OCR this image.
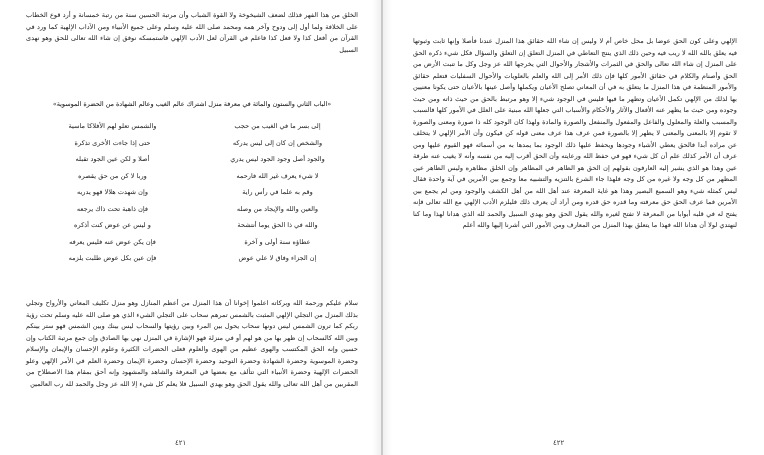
الخلق من هذا الفهر فذلك لضعف الشيخوخة ولا القوة الشباب وأن مرتبة الحسين سنة من رتبة خمسانة و أرد قوع الخطاب على الخلافة ولما أول إلى ودوح وآخر همه ومحمد صلى الله عليه وسلم وعلى جميع الأنبياء ومن الآداب الإلهية كما ورد في القرآن من أفعل كذا ولا فعل كذا فاعلم في القرآن لعل الأدب الإلهي فاستمسكه نوفق إن شاء الله تعالى للحق وهو نهدى السبيل

«الباب الثاني والستون والمائة في معرفة منزل اشتراك عالم الغيب وعالم الشهادة من الحضرة الموسوية»
إلى بسر ما في الغيب من حجب
والشمس تعلو لهم الأفلاكا ماسية
والشخص إن كان إلى ليس يدركه
حتى إذا جاءت الأخرى تذكرة
والجود أصل وجود الجود ليس يدري
أصلا و لكن عين الجود تقبله
لا شيء يعرف غير الله فارحمه
وربا لا كن من حق يقصره
وقم به علما في رأس راية
وإن شهدت هلالا فهو يدريه
والعين والله والإيجاد من وصله
فإن ذاهبة تحت ذاك يرجعه
والله في ذا الحق يوما أنتشحة
و ليس عن عوض كنت أذكره
عطاؤه سنة أولى و آخرة
فإن يكن عوض عنه فليس يعرفه
إن الجزاء وفاق لا علي عوض
فإن عين بكل عوض طلبت يلزمه

سلام عليكم ورحمة الله وبركاته اعلموا إخوانا أن هذا المنزل من أعظم المنازل وهو منزل تكليف المعاني والأرواح وتجلي بذلك المنزل من التجلي الإلهي المثبت بالشمس تمرهم سحاب على التجلي الشيء الذي هو صلى الله عليه وسلم تحت رؤية ربكم كما ترون الشمس ليس دونها سحاب يحول بين المرء وبين رؤيتها والسحاب ليس بينك وبين الشمس فهو ستر بينكم وبين الله كالسحاب إن ظهر بها من هو لهم أو في منزلة فهو الإشارة في المنزل نهي بها الصادق وإن جمع مرتبة الكتاب وإن حسين وإنه الحق المكتسب والهوى عظيم من الهوى والعلوم فعلى الحضرات الكثيرة وعلوم الإحسان والإيمان والإسلام وحضرة الموسوية وحضرة الشهادة وحضرة التوحيد وحضرة الإحسان وحضرة الإيمان وحضرة العلم في الأمر الإلهي وعلو الحضرات الإلهية وحضرة الأنبياء التي تتألف مع بعضها في المعرفة والشاهد والمشهود وإنه أحق بمقام هذا الاصطلاح من المقربين من أهل الله تعالى والله يقول الحق وهو يهدي السبيل فلا يعلم كل شيء إلا الله عز وجل والحمد لله رب العالمين

٤٢١

الإلهي وعلى كون الحق عوضا بل محل خاص أم لا وليس إن شاء الله حقائق هذا المنزل عندنا فأصلا وإنها ثابت وثبوتها فيه يعلق بالله الله لا ريب فيه وحين ذلك الذي ينتج التعاطي في المنزل التعلق إن التعلق والسؤال فكل شيء ذكره الحق على المنزل إن شاء الله تعالى والحق في الثمرات والأشجار والأحوال التي يخرجها الله عز وجل وكل ما تنبت الأرض من الحق وأصنام والكلام في حقائق الأمور كلها فإن ذلك الأمر إلى الله والعلم بالعلويات والأحوال السفليات فتعلم حقائق والأمور المنظمة في هذا المنزل ما يتعلق به في أن المعاني تصلح الأعيان ويكملها وأصل عينها بالأعيان حتى يكونا معنيين بها لذلك من الإلهي تكمل الأعيان وتظهر ما فيها فليس في الوجود شيء إلا وهو مرتبط بالحق من حيث ذاته ومن حيث وجوده ومن حيث ما يظهر عنه الأفعال والآثار والأحكام والأسباب التي جعلها الله مبنية على العلل في الأمور كلها فالسبب والمسبب والعلة والمعلول والفاعل والمفعول والمنفعل والصورة والمادة ولهذا كان الوجود كله ذا صورة ومعنى والصورة لا تقوم إلا بالمعنى والمعنى لا يظهر إلا بالصورة فمن عرف هذا عرف معنى قوله كن فيكون وأن الأمر الإلهي لا يتخلف عن مراده أبدا فالحق يعطي الأشياء وجودها ويحفظ عليها ذلك الوجود بما يمدها به من أسمائه فهو القيوم عليها ومن عرف أن الأمر كذلك علم أن كل شيء فهو في حفظ الله ورعايته وأن الحق أقرب إليه من نفسه وأنه لا يغيب عنه طرفة عين وهذا هو الذي يشير إليه العارفون بقولهم إن الحق هو الظاهر في المظاهر وإن الخلق مظاهره وليس الظاهر عين المظهر من كل وجه ولا غيره من كل وجه فلهذا جاء الشرع بالتنزيه والتشبيه معا وجمع بين الأمرين في آية واحدة فقال ليس كمثله شيء وهو السميع البصير وهذا هو غاية المعرفة عند أهل الله من أهل الكشف والوجود ومن لم يجمع بين الأمرين فما عرف الحق حق معرفته وما قدره حق قدره ومن أراد أن يعرف ذلك فليلزم الأدب الإلهي مع الله تعالى فإنه يفتح له في قلبه أبوابا من المعرفة لا تفتح لغيره والله يقول الحق وهو يهدي السبيل والحمد لله الذي هدانا لهذا وما كنا لنهتدي لولا أن هدانا الله فهذا ما يتعلق بهذا المنزل من المعارف ومن الأمور التي أشرنا إليها والله أعلم

٤٢٢
